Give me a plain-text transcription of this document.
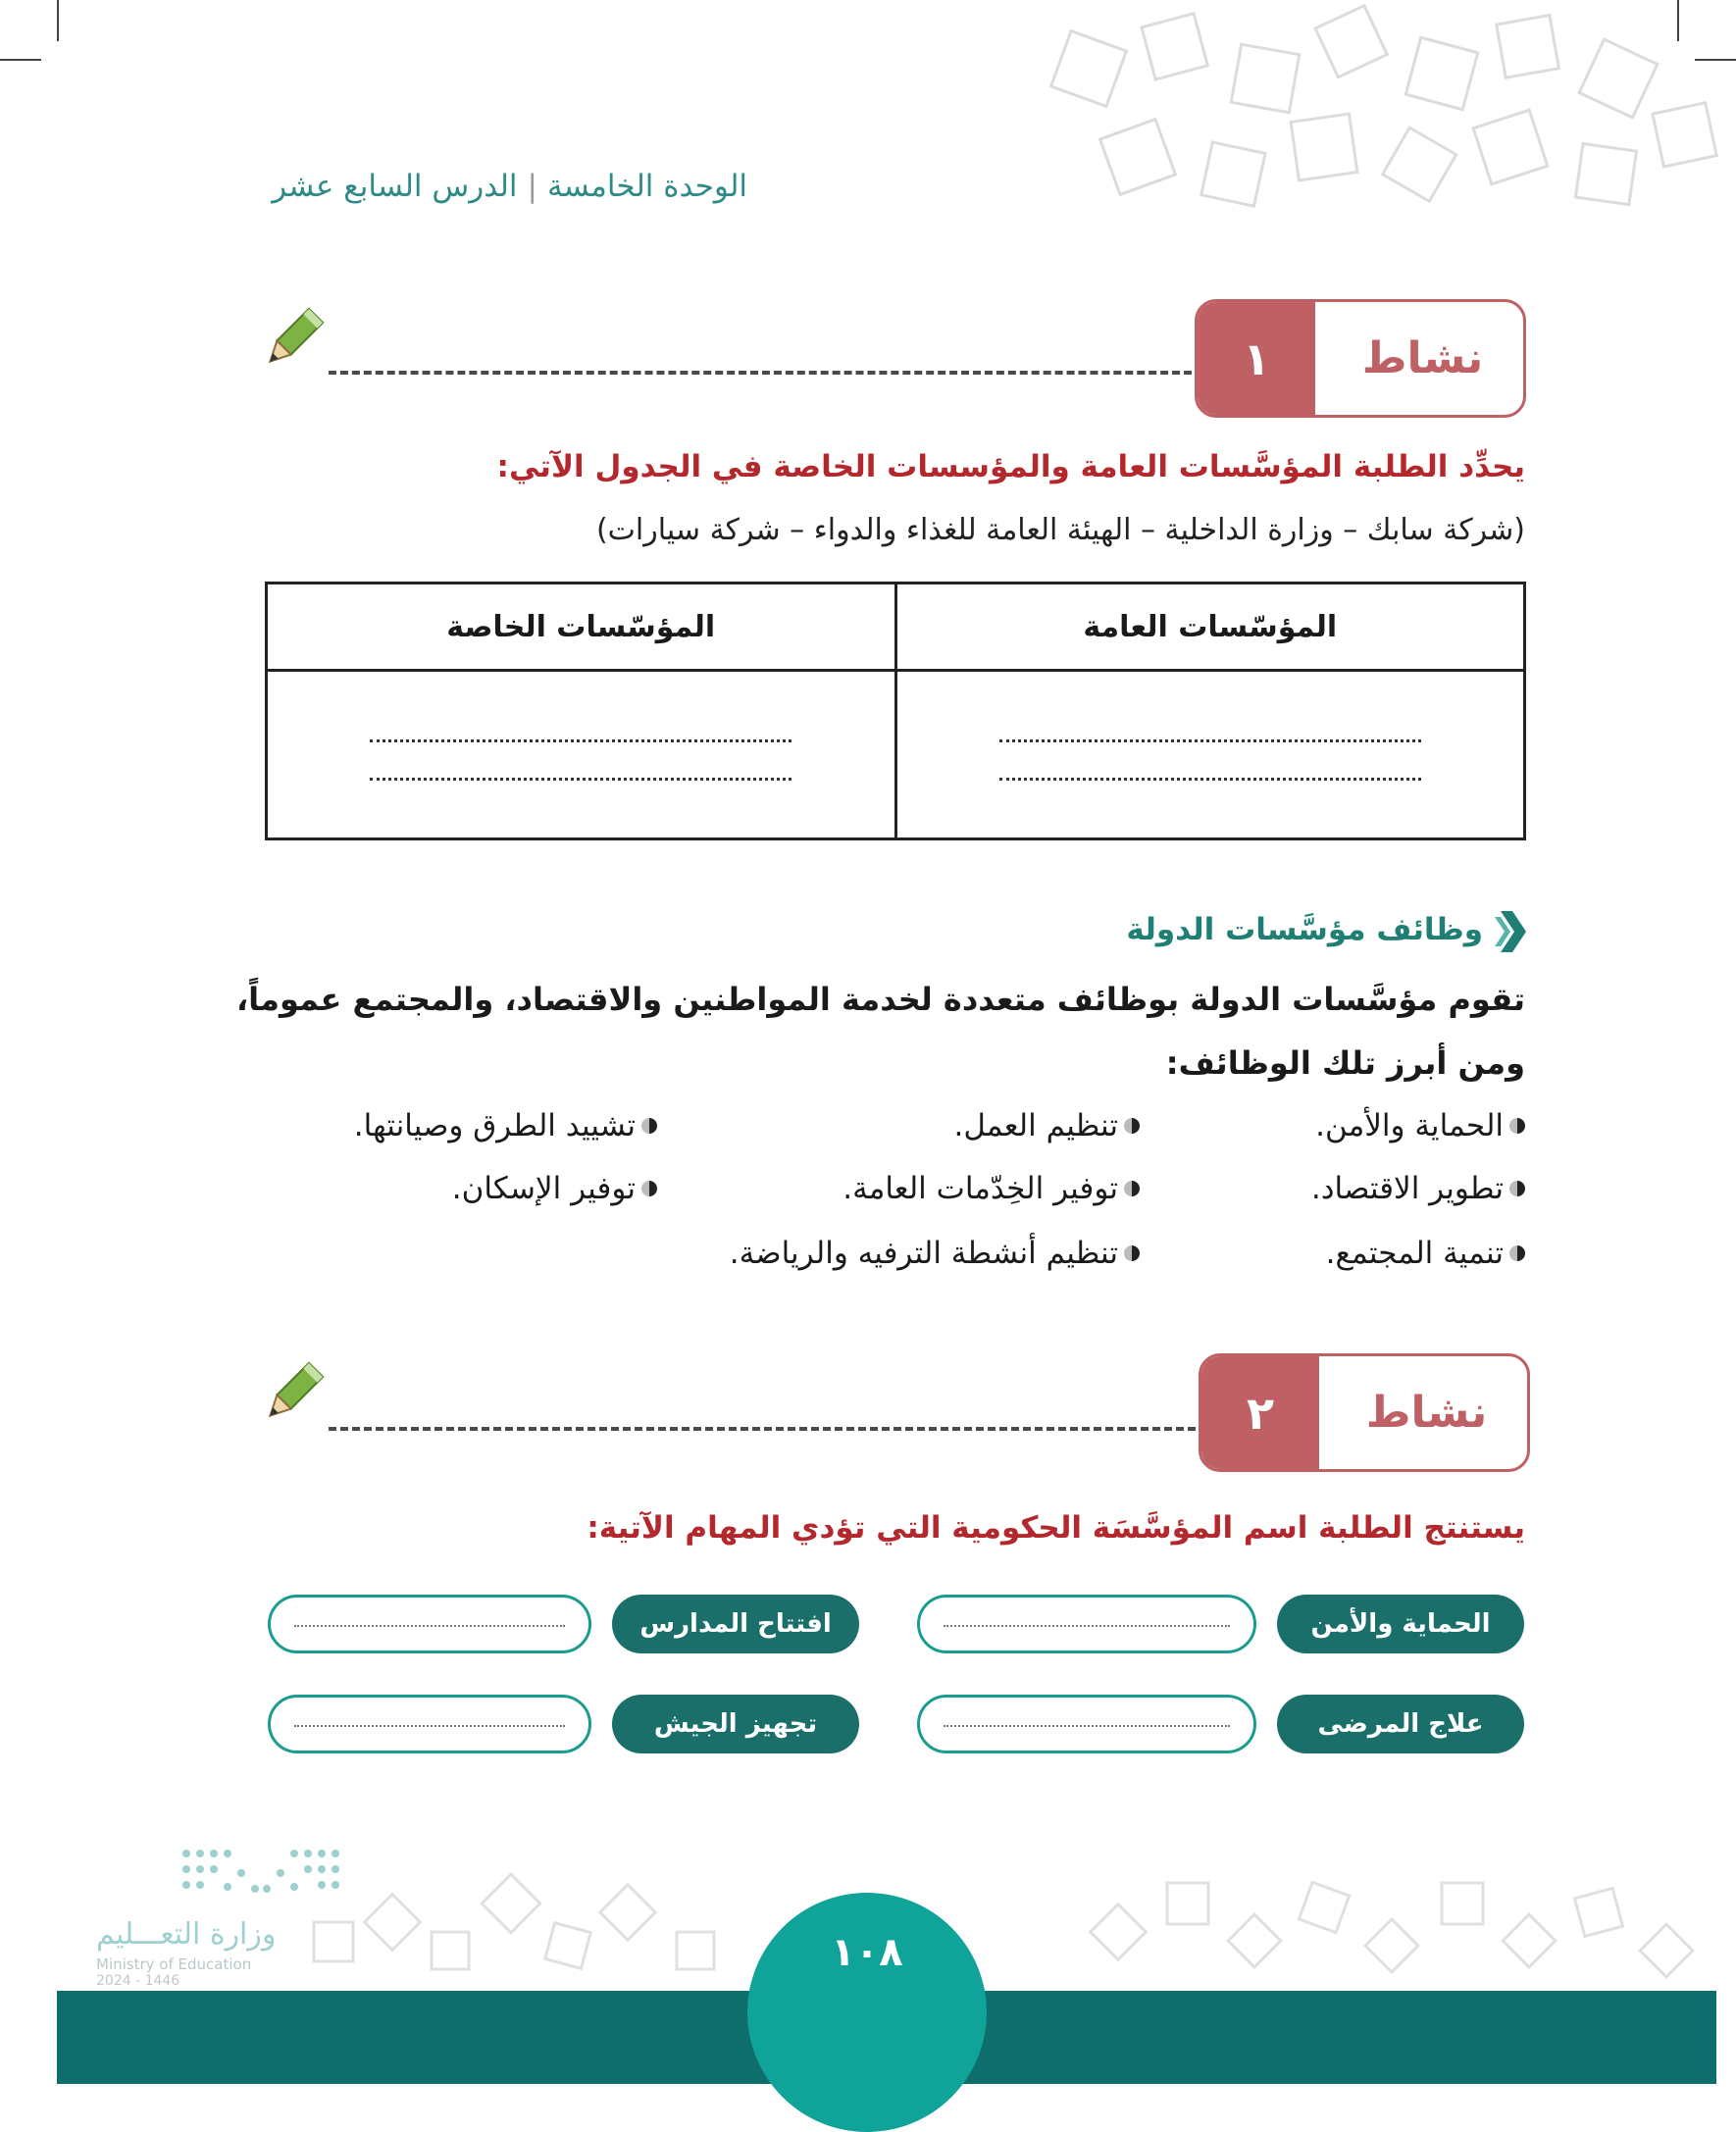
الوحدة الخامسة|الدرس السابع عشر
نشاط
١
يحدِّد الطلبة المؤسَّسات العامة والمؤسسات الخاصة في الجدول الآتي:
(شركة سابك – وزارة الداخلية – الهيئة العامة للغذاء والدواء – شركة سيارات)
المؤسّسات العامة	المؤسّسات الخاصة

وظائف مؤسَّسات الدولة
تقوم مؤسَّسات الدولة بوظائف متعددة لخدمة المواطنين والاقتصاد، والمجتمع عموماً،
ومن أبرز تلك الوظائف:
الحماية والأمن.
تنظيم العمل.
تشييد الطرق وصيانتها.
تطوير الاقتصاد.
توفير الخِدّمات العامة.
توفير الإسكان.
تنمية المجتمع.
تنظيم أنشطة الترفيه والرياضة.
نشاط
٢
يستنتج الطلبة اسم المؤسَّسَة الحكومية التي تؤدي المهام الآتية:
الحماية والأمن
افتتاح المدارس
علاج المرضى
تجهيز الجيش
١٠٨
وزارة التعـــليم
Ministry of Education
2024 - 1446
